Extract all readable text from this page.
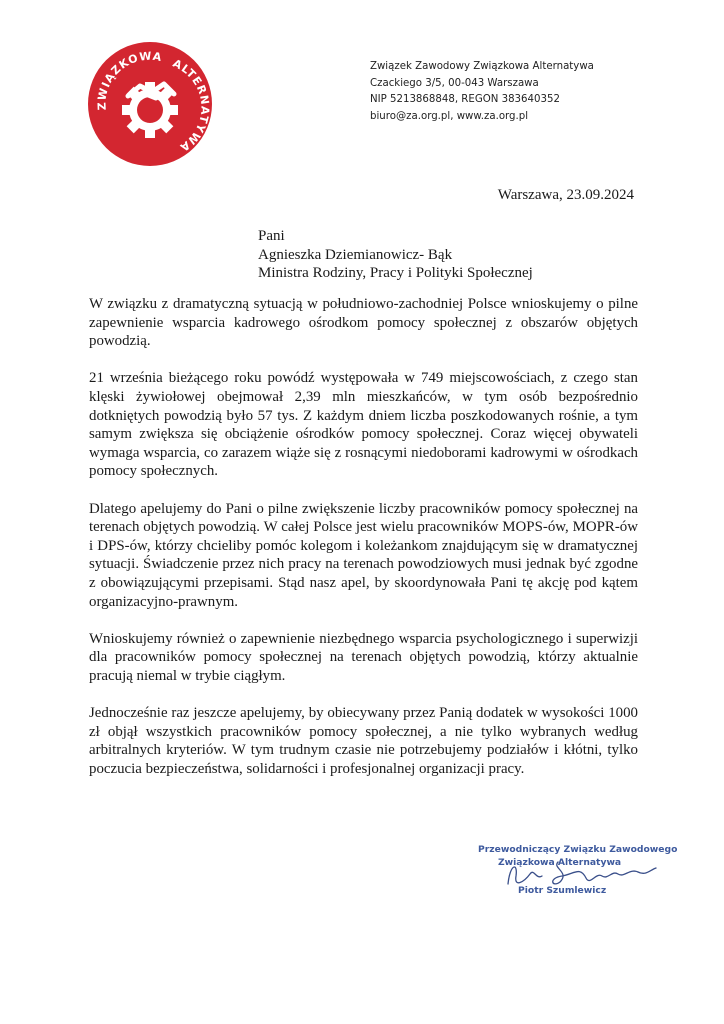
ZWIĄZKOWA ALTERNATYWA
Związek Zawodowy Związkowa Alternatywa
Czackiego 3/5, 00-043 Warszawa
NIP 5213868848, REGON 383640352
biuro@za.org.pl, www.za.org.pl
Warszawa, 23.09.2024
Pani
Agnieszka Dziemianowicz- Bąk
Ministra Rodziny, Pracy i Polityki Społecznej

W związku z dramatyczną sytuacją w południowo-zachodniej Polsce wnioskujemy o pilne zapewnienie wsparcia kadrowego ośrodkom pomocy społecznej z obszarów objętych powodzią.

21 września bieżącego roku powódź występowała w 749 miejscowościach, z czego stan klęski żywiołowej obejmował 2,39 mln mieszkańców, w tym osób bezpośrednio dotkniętych powodzią było 57 tys. Z każdym dniem liczba poszkodowanych rośnie, a tym samym zwiększa się obciążenie ośrodków pomocy społecznej. Coraz więcej obywateli wymaga wsparcia, co zarazem wiąże się z rosnącymi niedoborami kadrowymi w ośrodkach pomocy społecznych.

Dlatego apelujemy do Pani o pilne zwiększenie liczby pracowników pomocy społecznej na terenach objętych powodzią. W całej Polsce jest wielu pracowników MOPS-ów, MOPR-ów i DPS-ów, którzy chcieliby pomóc kolegom i koleżankom znajdującym się w dramatycznej sytuacji. Świadczenie przez nich pracy na terenach powodziowych musi jednak być zgodne z obowiązującymi przepisami. Stąd nasz apel, by skoordynowała Pani tę akcję pod kątem organizacyjno-prawnym.

Wnioskujemy również o zapewnienie niezbędnego wsparcia psychologicznego i superwizji dla pracowników pomocy społecznej na terenach objętych powodzią, którzy aktualnie pracują niemal w trybie ciągłym.

Jednocześnie raz jeszcze apelujemy, by obiecywany przez Panią dodatek w wysokości 1000 zł objął wszystkich pracowników pomocy społecznej, a nie tylko wybranych według arbitralnych kryteriów. W tym trudnym czasie nie potrzebujemy podziałów i kłótni, tylko poczucia bezpieczeństwa, solidarności i profesjonalnej organizacji pracy.

Przewodniczący Związku Zawodowego
Związkowa Alternatywa
Piotr Szumlewicz
